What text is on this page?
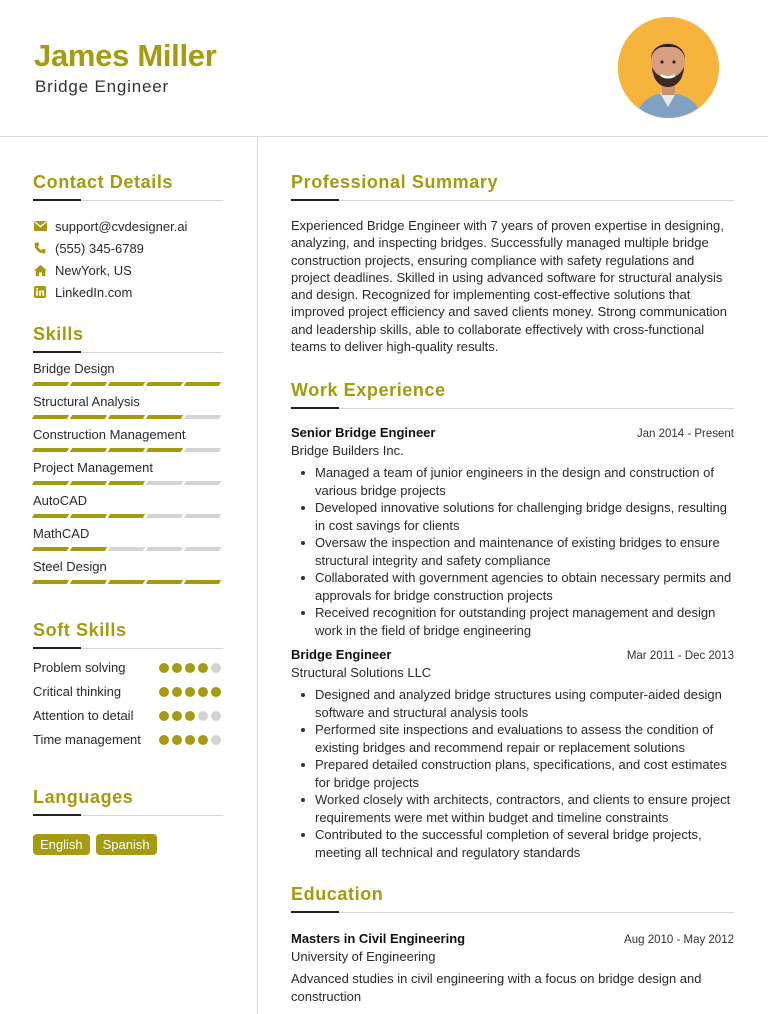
James Miller
Bridge Engineer
Contact Details
support@cvdesigner.ai
(555) 345-6789
NewYork, US
LinkedIn.com
Skills
Bridge Design
Structural Analysis
Construction Management
Project Management
AutoCAD
MathCAD
Steel Design
Soft Skills
Problem solving
Critical thinking
Attention to detail
Time management
Languages
English	Spanish
Professional Summary

Experienced Bridge Engineer with 7 years of proven expertise in designing, analyzing, and inspecting bridges. Successfully managed multiple bridge construction projects, ensuring compliance with safety regulations and project deadlines. Skilled in using advanced software for structural analysis and design. Recognized for implementing cost-effective solutions that improved project efficiency and saved clients money. Strong communication and leadership skills, able to collaborate effectively with cross-functional teams to deliver high-quality results.

Work Experience
Senior Bridge Engineer	Jan 2014 - Present
Bridge Builders Inc.
Managed a team of junior engineers in the design and construction of various bridge projects
Developed innovative solutions for challenging bridge designs, resulting in cost savings for clients
Oversaw the inspection and maintenance of existing bridges to ensure structural integrity and safety compliance
Collaborated with government agencies to obtain necessary permits and approvals for bridge construction projects
Received recognition for outstanding project management and design work in the field of bridge engineering
Bridge Engineer	Mar 2011 - Dec 2013
Structural Solutions LLC
Designed and analyzed bridge structures using computer-aided design software and structural analysis tools
Performed site inspections and evaluations to assess the condition of existing bridges and recommend repair or replacement solutions
Prepared detailed construction plans, specifications, and cost estimates for bridge projects
Worked closely with architects, contractors, and clients to ensure project requirements were met within budget and timeline constraints
Contributed to the successful completion of several bridge projects, meeting all technical and regulatory standards
Education
Masters in Civil Engineering	Aug 2010 - May 2012
University of Engineering

Advanced studies in civil engineering with a focus on bridge design and construction
